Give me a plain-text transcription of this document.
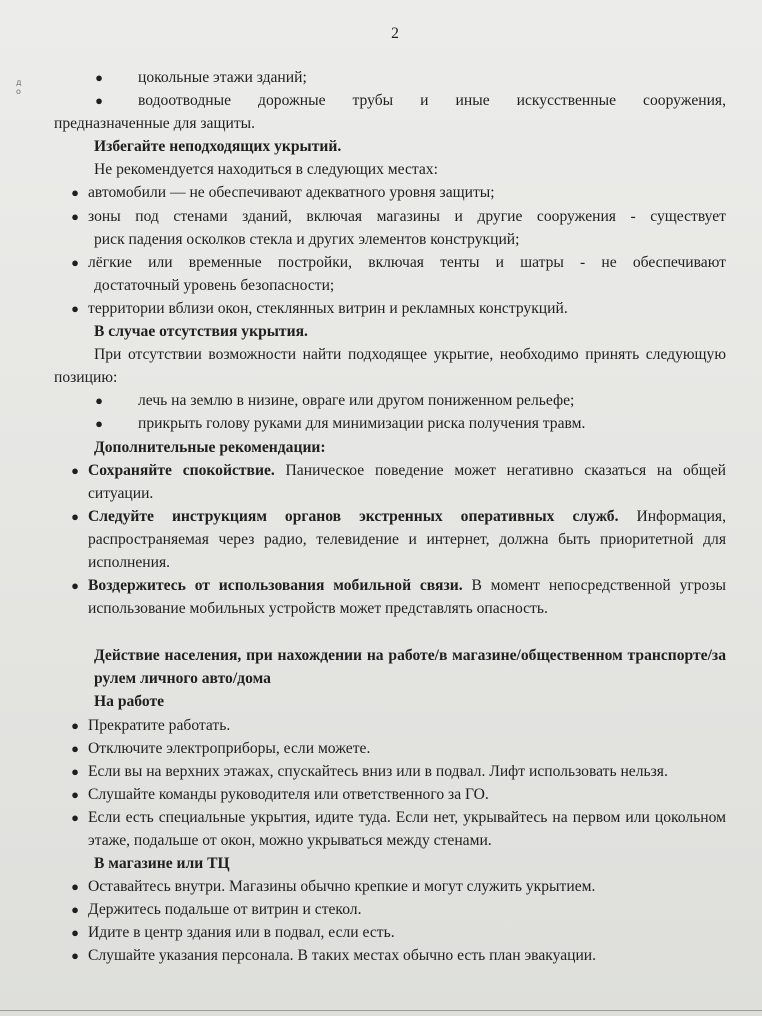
до
2
●	цокольные этажи зданий;
●	водоотводные дорожные трубы и иные искусственные сооружения,
предназначенные для защиты.
Избегайте неподходящих укрытий.
Не рекомендуется находиться в следующих местах:
● автомобили — не обеспечивают адекватного уровня защиты;
● зоны под стенами зданий, включая магазины и другие сооружения - существует
риск падения осколков стекла и других элементов конструкций;
● лёгкие или временные постройки, включая тенты и шатры - не обеспечивают
достаточный уровень безопасности;
● территории вблизи окон, стеклянных витрин и рекламных конструкций.
В случае отсутствия укрытия.
При отсутствии возможности найти подходящее укрытие, необходимо принять следующую позицию:
●	лечь на землю в низине, овраге или другом пониженном рельефе;
●	прикрыть голову руками для минимизации риска получения травм.
Дополнительные рекомендации:
● Сохраняйте спокойствие. Паническое поведение может негативно сказаться на общей ситуации.
● Следуйте инструкциям органов экстренных оперативных служб. Информация, распространяемая через радио, телевидение и интернет, должна быть приоритетной для исполнения.
● Воздержитесь от использования мобильной связи. В момент непосредственной угрозы использование мобильных устройств может представлять опасность.
Действие населения, при нахождении на работе/в магазине/общественном транспорте/за рулем личного авто/дома
На работе
● Прекратите работать.
● Отключите электроприборы, если можете.
● Если вы на верхних этажах, спускайтесь вниз или в подвал. Лифт использовать нельзя.
● Слушайте команды руководителя или ответственного за ГО.
● Если есть специальные укрытия, идите туда. Если нет, укрывайтесь на первом или цокольном этаже, подальше от окон, можно укрываться между стенами.
В магазине или ТЦ
● Оставайтесь внутри. Магазины обычно крепкие и могут служить укрытием.
● Держитесь подальше от витрин и стекол.
● Идите в центр здания или в подвал, если есть.
● Слушайте указания персонала. В таких местах обычно есть план эвакуации.
